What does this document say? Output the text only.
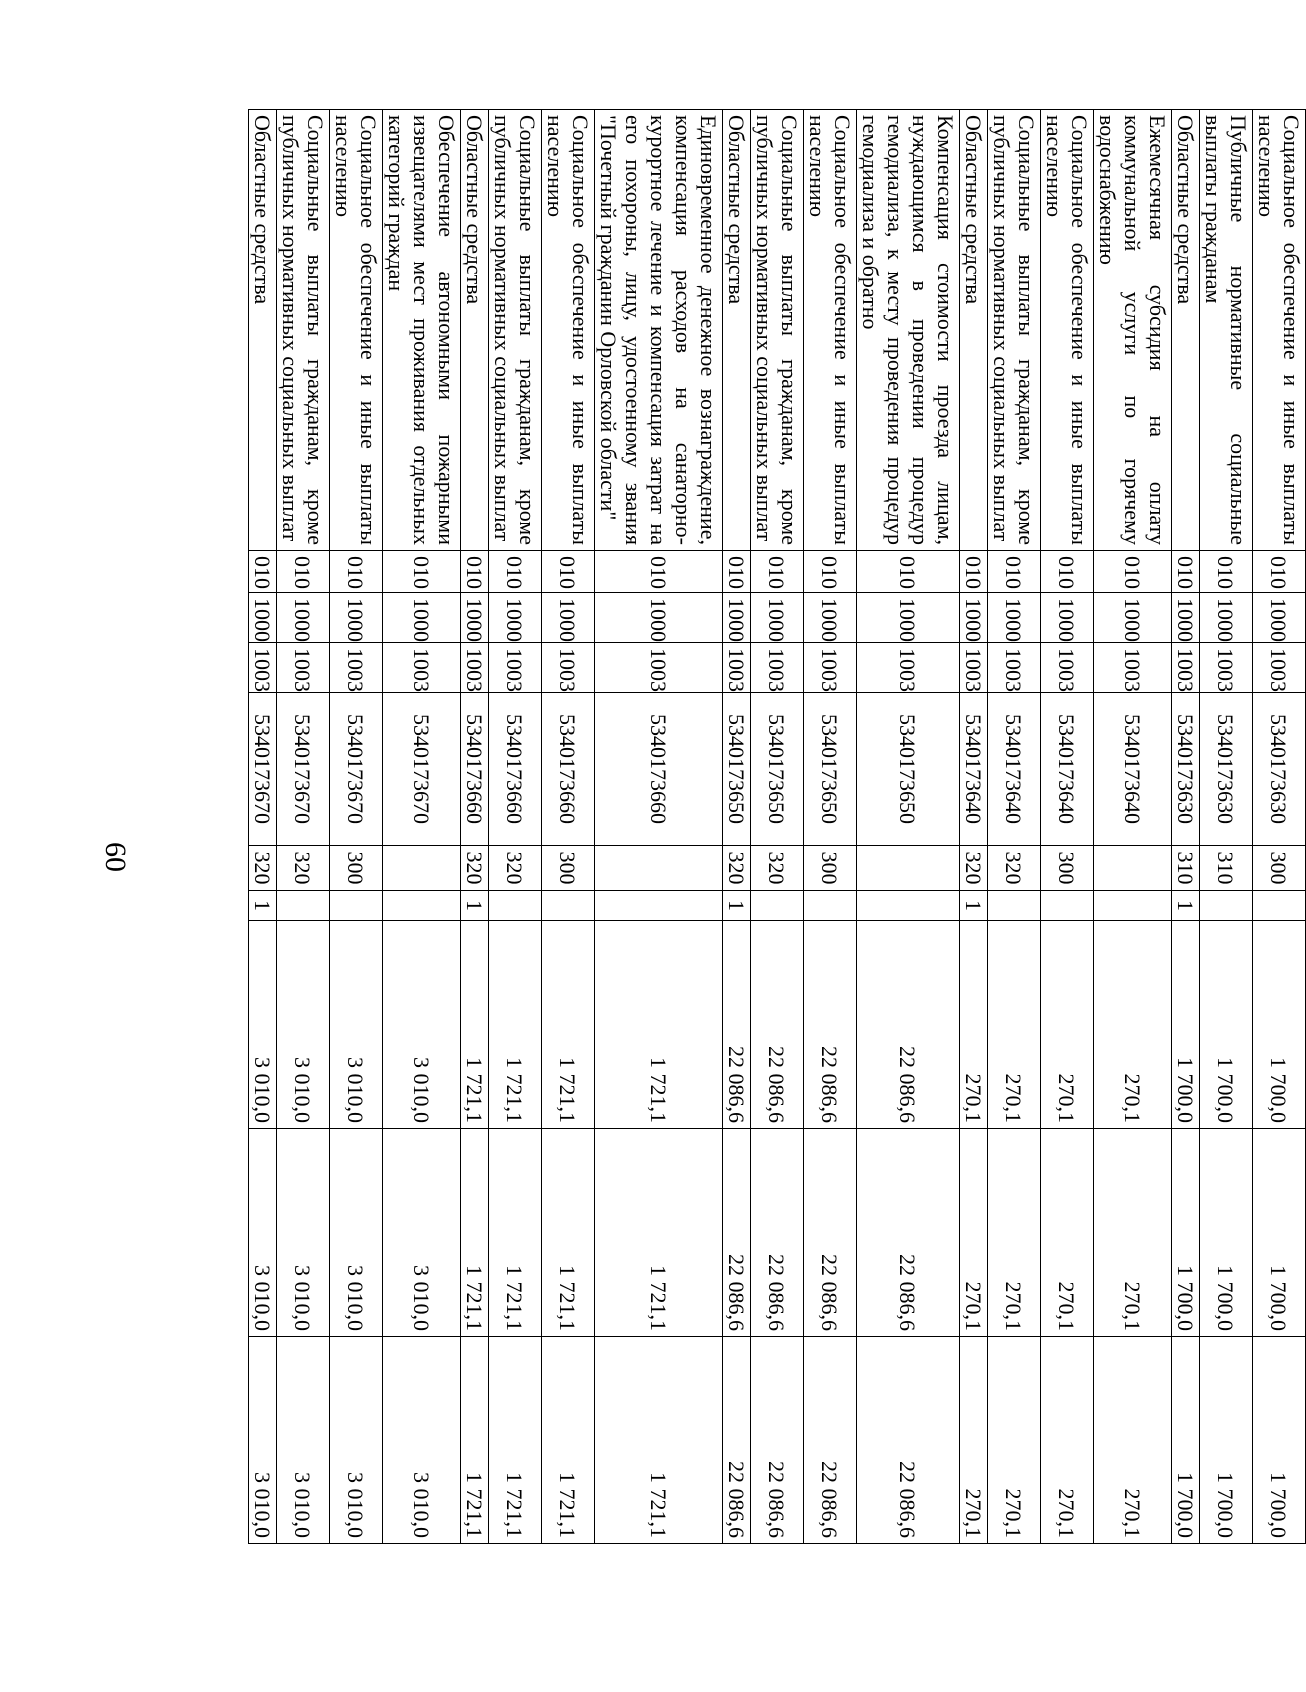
60
Социальное обеспечение и иные выплаты населению	010	1000	1003	5340173630	300		1 700,0	1 700,0	1 700,0
Публичные нормативные социальные выплаты гражданам	010	1000	1003	5340173630	310		1 700,0	1 700,0	1 700,0
Областные средства	010	1000	1003	5340173630	310	1	1 700,0	1 700,0	1 700,0
Ежемесячная субсидия на оплату коммунальной услуги по горячему водоснабжению	010	1000	1003	5340173640			270,1	270,1	270,1
Социальное обеспечение и иные выплаты населению	010	1000	1003	5340173640	300		270,1	270,1	270,1
Социальные выплаты гражданам, кроме публичных нормативных социальных выплат	010	1000	1003	5340173640	320		270,1	270,1	270,1
Областные средства	010	1000	1003	5340173640	320	1	270,1	270,1	270,1
Компенсация стоимости проезда лицам, нуждающимся в проведении процедур гемодиализа, к месту проведения процедур гемодиализа и обратно	010	1000	1003	5340173650			22 086,6	22 086,6	22 086,6
Социальное обеспечение и иные выплаты населению	010	1000	1003	5340173650	300		22 086,6	22 086,6	22 086,6
Социальные выплаты гражданам, кроме публичных нормативных социальных выплат	010	1000	1003	5340173650	320		22 086,6	22 086,6	22 086,6
Областные средства	010	1000	1003	5340173650	320	1	22 086,6	22 086,6	22 086,6
Единовременное денежное вознаграждение, компенсация расходов на санаторно-курортное лечение и компенсация затрат на его похороны, лицу, удостоенному звания "Почетный гражданин Орловской области"	010	1000	1003	5340173660			1 721,1	1 721,1	1 721,1
Социальное обеспечение и иные выплаты населению	010	1000	1003	5340173660	300		1 721,1	1 721,1	1 721,1
Социальные выплаты гражданам, кроме публичных нормативных социальных выплат	010	1000	1003	5340173660	320		1 721,1	1 721,1	1 721,1
Областные средства	010	1000	1003	5340173660	320	1	1 721,1	1 721,1	1 721,1
Обеспечение автономными пожарными извещателями мест проживания отдельных категорий граждан	010	1000	1003	5340173670			3 010,0	3 010,0	3 010,0
Социальное обеспечение и иные выплаты населению	010	1000	1003	5340173670	300		3 010,0	3 010,0	3 010,0
Социальные выплаты гражданам, кроме публичных нормативных социальных выплат	010	1000	1003	5340173670	320		3 010,0	3 010,0	3 010,0
Областные средства	010	1000	1003	5340173670	320	1	3 010,0	3 010,0	3 010,0
